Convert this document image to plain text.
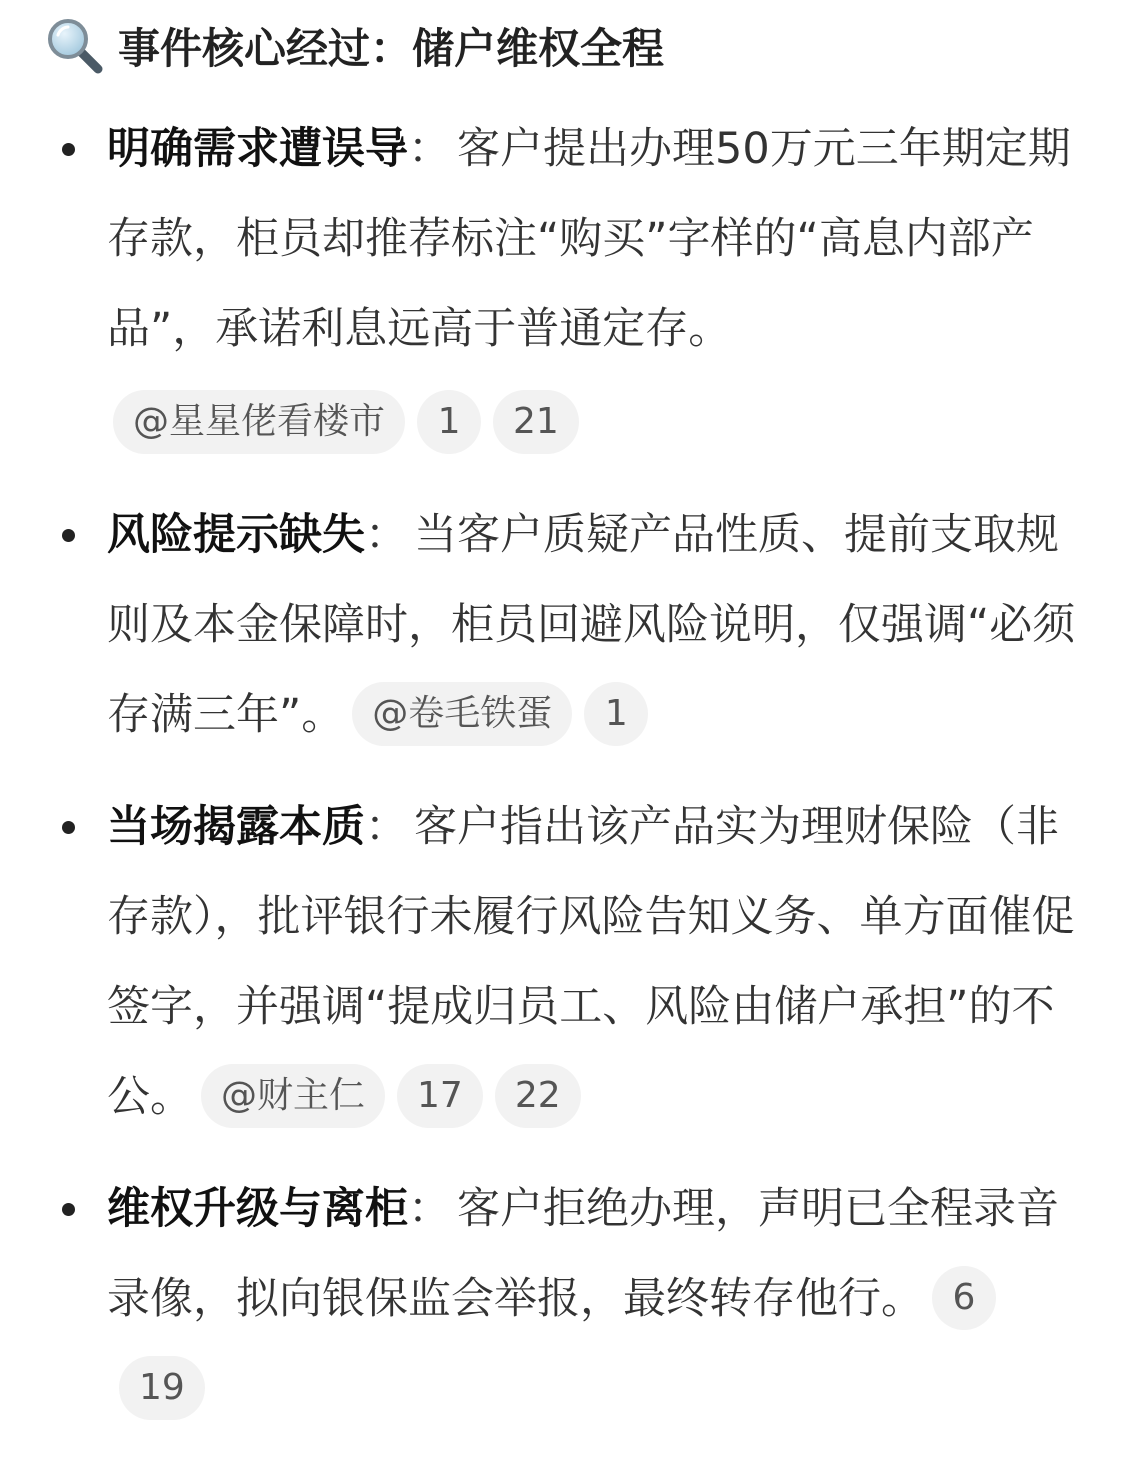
事件核心经过：储户维权全程
明确需求遭误导： 客户提出办理50万元三年期定期存款，柜员却推荐标注“购买”字样的“高息内部产品”，承诺利息远高于普通定存。
@星星佬看楼市 1 21
风险提示缺失： 当客户质疑产品性质、提前支取规则及本金保障时，柜员回避风险说明，仅强调“必须存满三年”。 @卷毛铁蛋 1
当场揭露本质： 客户指出该产品实为理财保险（非存款），批评银行未履行风险告知义务、单方面催促签字，并强调“提成归员工、风险由储户承担”的不公。 @财主仁 17 22
维权升级与离柜： 客户拒绝办理，声明已全程录音录像，拟向银保监会举报，最终转存他行。 619
